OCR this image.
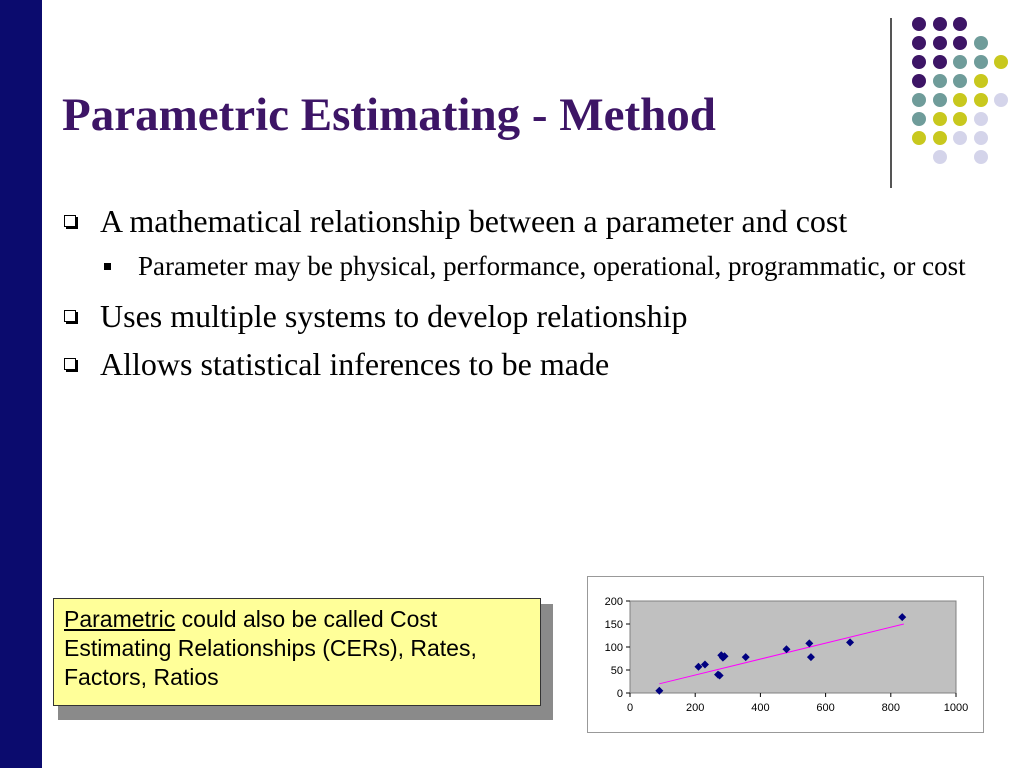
Parametric Estimating - Method
A mathematical relationship between a parameter and cost
Parameter may be physical, performance, operational, programmatic, or cost
Uses multiple systems to develop relationship
Allows statistical inferences to be made
Parametric could also be called Cost Estimating Relationships (CERs), Rates, Factors, Ratios
0
50
100
150
200
0	200	400	600	800	1000
